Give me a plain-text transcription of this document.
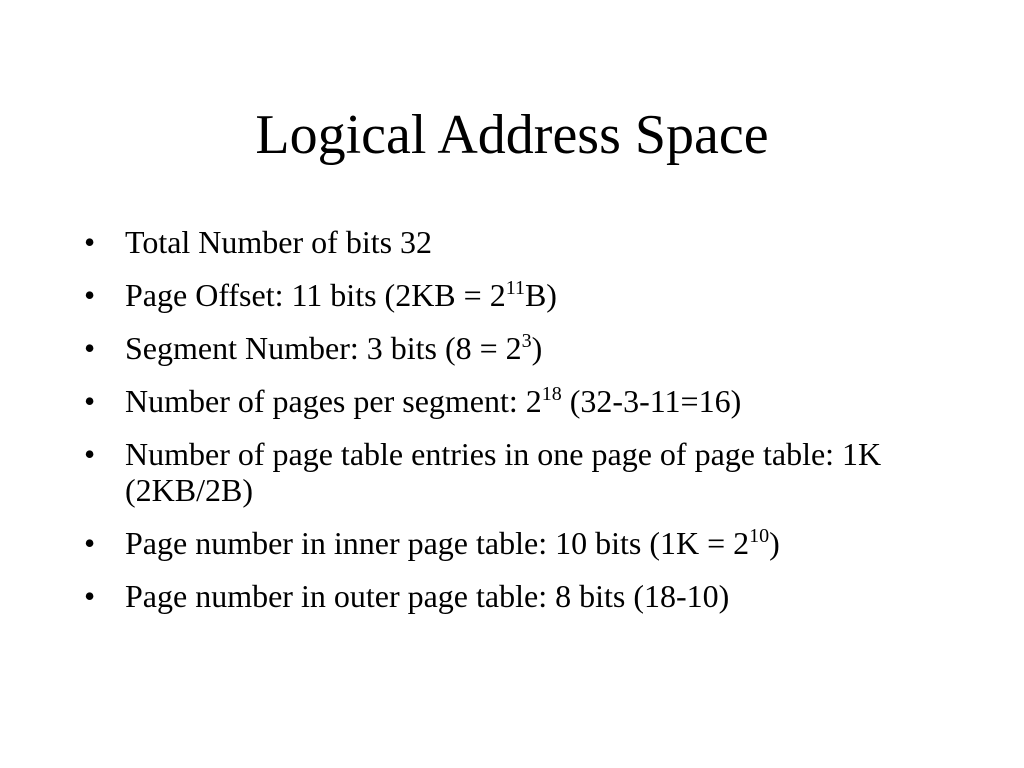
Logical Address Space
• Total Number of bits 32
• Page Offset: 11 bits $(2KB = 2^{11}B)$
• Segment Number: 3 bits $(8 = 2^3)$
• Number of pages per segment: $2^{18}$ (32-3-11=16)
• Number of page table entries in one page of page table: 1K (2KB/2B)
• Page number in inner page table: 10 bits $(1K = 2^{10})$
• Page number in outer page table: 8 bits (18-10)
